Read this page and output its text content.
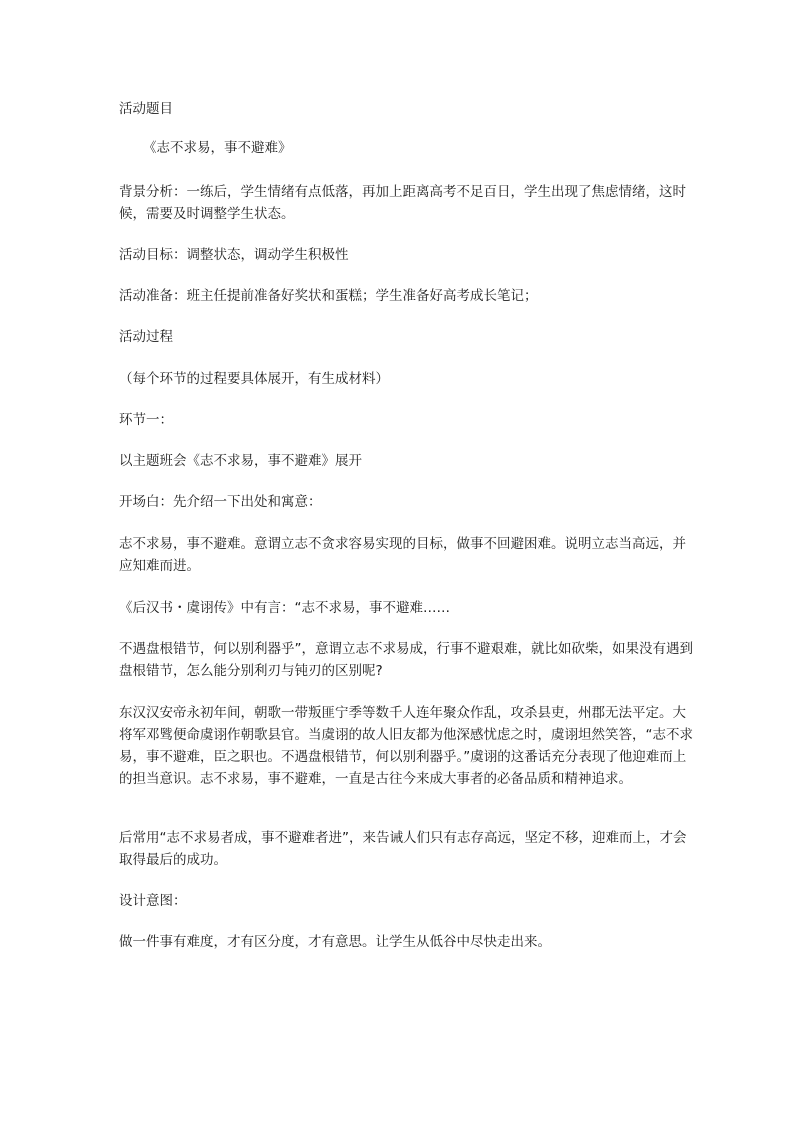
活动题目

《志不求易，事不避难》

背景分析：一练后，学生情绪有点低落，再加上距离高考不足百日，学生出现了焦虑情绪，这时候，需要及时调整学生状态。

活动目标：调整状态，调动学生积极性

活动准备：班主任提前准备好奖状和蛋糕；学生准备好高考成长笔记；

活动过程

（每个环节的过程要具体展开，有生成材料）

环节一：

以主题班会《志不求易，事不避难》展开

开场白：先介绍一下出处和寓意：

志不求易，事不避难。意谓立志不贪求容易实现的目标，做事不回避困难。说明立志当高远，并应知难而进。

《后汉书・虞诩传》中有言：“志不求易，事不避难……

不遇盘根错节，何以别利器乎”，意谓立志不求易成，行事不避艰难，就比如砍柴，如果没有遇到盘根错节，怎么能分别利刃与钝刃的区别呢?

东汉汉安帝永初年间，朝歌一带叛匪宁季等数千人连年聚众作乱，攻杀县吏，州郡无法平定。大将军邓骘便命虞诩作朝歌县官。当虞诩的故人旧友都为他深感忧虑之时，虞诩坦然笑答，“志不求易，事不避难，臣之职也。不遇盘根错节，何以别利器乎。”虞诩的这番话充分表现了他迎难而上的担当意识。志不求易，事不避难，一直是古往今来成大事者的必备品质和精神追求。

后常用“志不求易者成，事不避难者进”，来告诫人们只有志存高远，坚定不移，迎难而上，才会取得最后的成功。

设计意图：

做一件事有难度，才有区分度，才有意思。让学生从低谷中尽快走出来。
